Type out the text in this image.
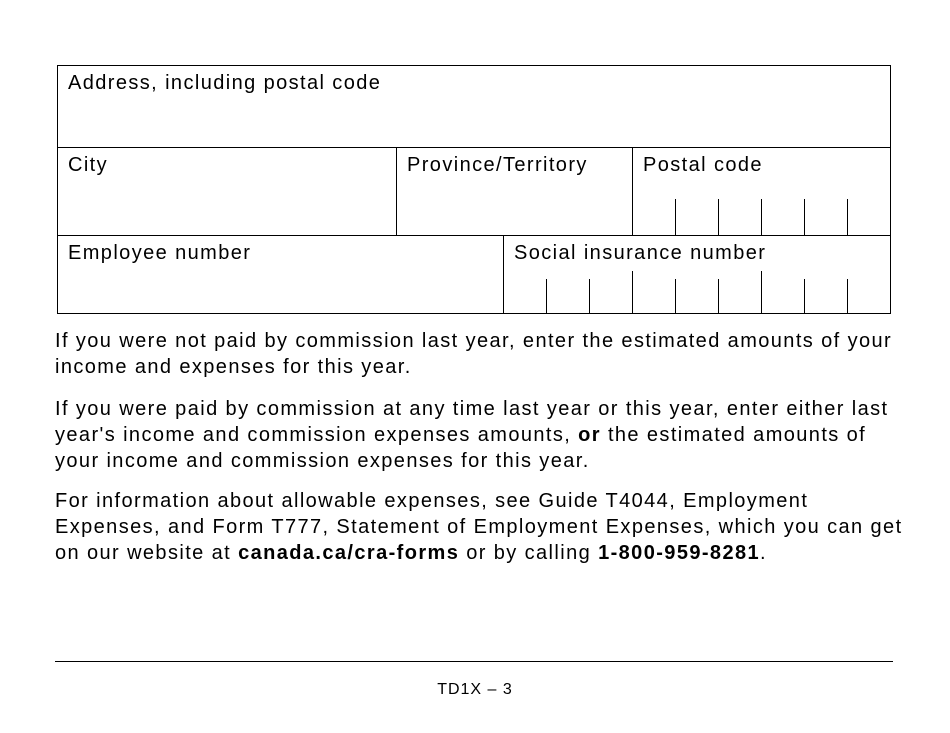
Address, including postal code
City	Province/Territory	Postal code
Employee number	Social insurance number

If you were not paid by commission last year, enter the estimated amounts of your income and expenses for this year.

If you were paid by commission at any time last year or this year, enter either last year's income and commission expenses amounts, or the estimated amounts of your income and commission expenses for this year.

For information about allowable expenses, see Guide T4044, Employment Expenses, and Form T777, Statement of Employment Expenses, which you can get on our website at canada.ca/cra-forms or by calling 1-800-959-8281.

TD1X – 3
